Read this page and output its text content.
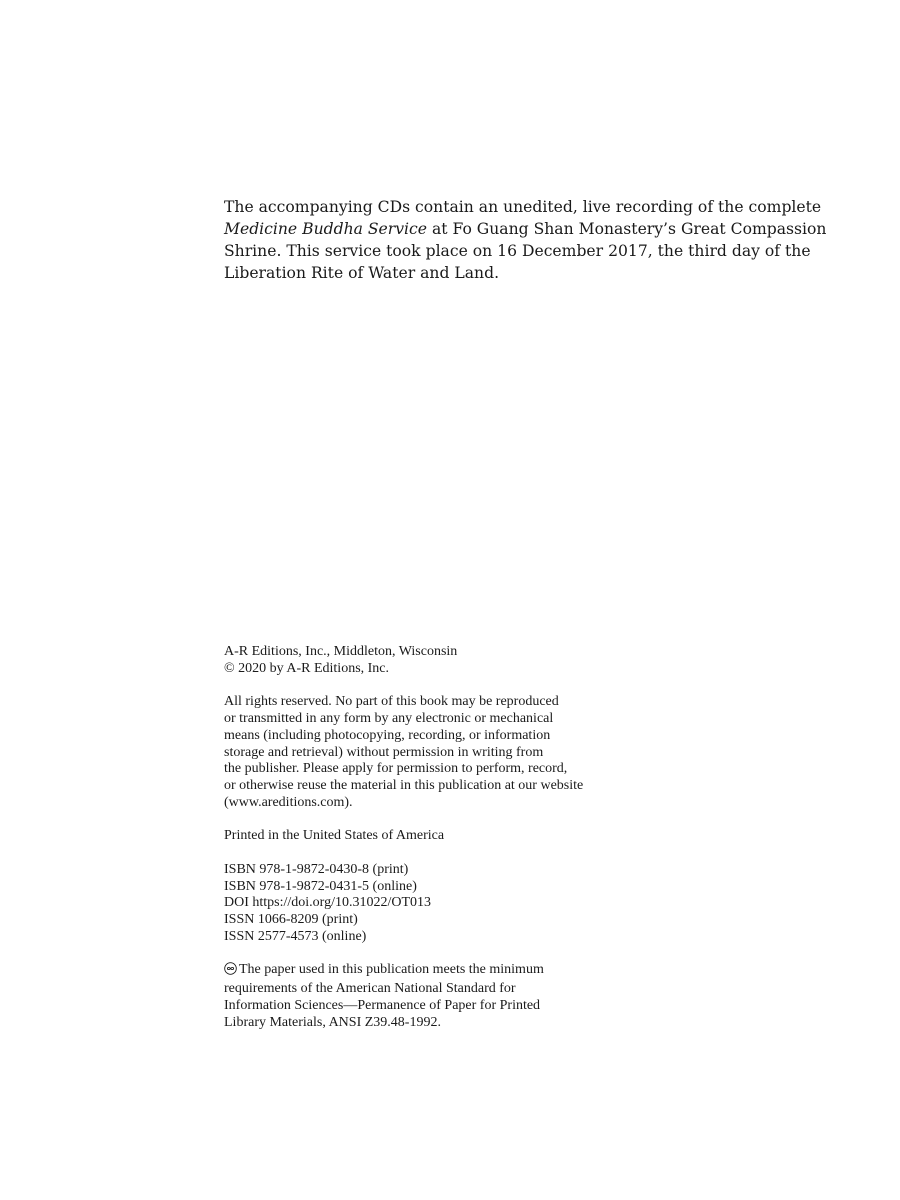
The accompanying CDs contain an unedited, live recording of the complete
Medicine Buddha Service at Fo Guang Shan Monastery’s Great Compassion
Shrine. This service took place on 16 December 2017, the third day of the
Liberation Rite of Water and Land.
A-R Editions, Inc., Middleton, Wisconsin
© 2020 by A-R Editions, Inc.
All rights reserved. No part of this book may be reproduced
or transmitted in any form by any electronic or mechanical
means (including photocopying, recording, or information
storage and retrieval) without permission in writing from
the publisher. Please apply for permission to perform, record,
or otherwise reuse the material in this publication at our website
(www.areditions.com).
Printed in the United States of America
ISBN 978-1-9872-0430-8 (print)
ISBN 978-1-9872-0431-5 (online)
DOI https://doi.org/10.31022/OT013
ISSN 1066-8209 (print)
ISSN 2577-4573 (online)
The paper used in this publication meets the minimum
requirements of the American National Standard for
Information Sciences—Permanence of Paper for Printed
Library Materials, ANSI Z39.48-1992.
